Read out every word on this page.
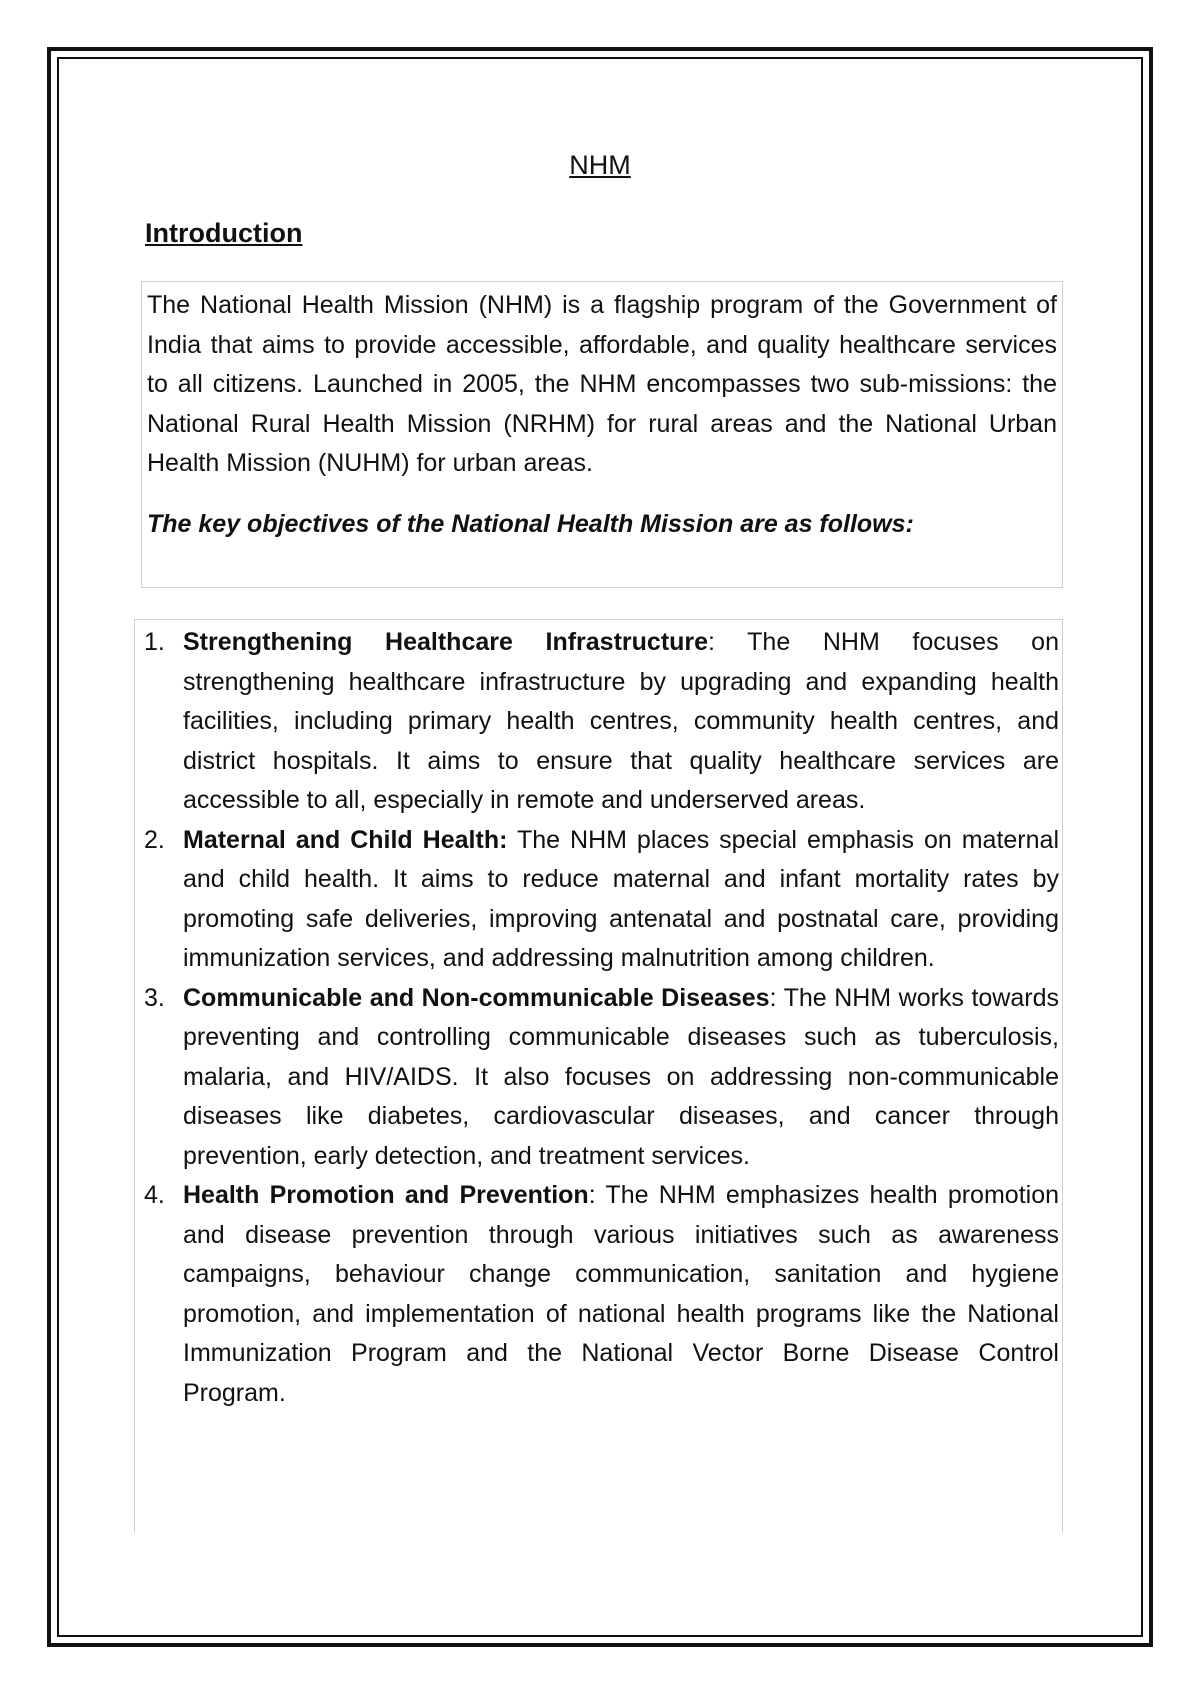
NHM
Introduction

The National Health Mission (NHM) is a flagship program of the Government of India that aims to provide accessible, affordable, and quality healthcare services to all citizens. Launched in 2005, the NHM encompasses two sub-missions: the National Rural Health Mission (NRHM) for rural areas and the National Urban Health Mission (NUHM) for urban areas.

The key objectives of the National Health Mission are as follows:

1. Strengthening Healthcare Infrastructure: The NHM focuses on strengthening healthcare infrastructure by upgrading and expanding health facilities, including primary health centres, community health centres, and district hospitals. It aims to ensure that quality healthcare services are accessible to all, especially in remote and underserved areas.
2. Maternal and Child Health: The NHM places special emphasis on maternal and child health. It aims to reduce maternal and infant mortality rates by promoting safe deliveries, improving antenatal and postnatal care, providing immunization services, and addressing malnutrition among children.
3. Communicable and Non-communicable Diseases: The NHM works towards preventing and controlling communicable diseases such as tuberculosis, malaria, and HIV/AIDS. It also focuses on addressing non-communicable diseases like diabetes, cardiovascular diseases, and cancer through prevention, early detection, and treatment services.
4. Health Promotion and Prevention: The NHM emphasizes health promotion and disease prevention through various initiatives such as awareness campaigns, behaviour change communication, sanitation and hygiene promotion, and implementation of national health programs like the National Immunization Program and the National Vector Borne Disease Control Program.
